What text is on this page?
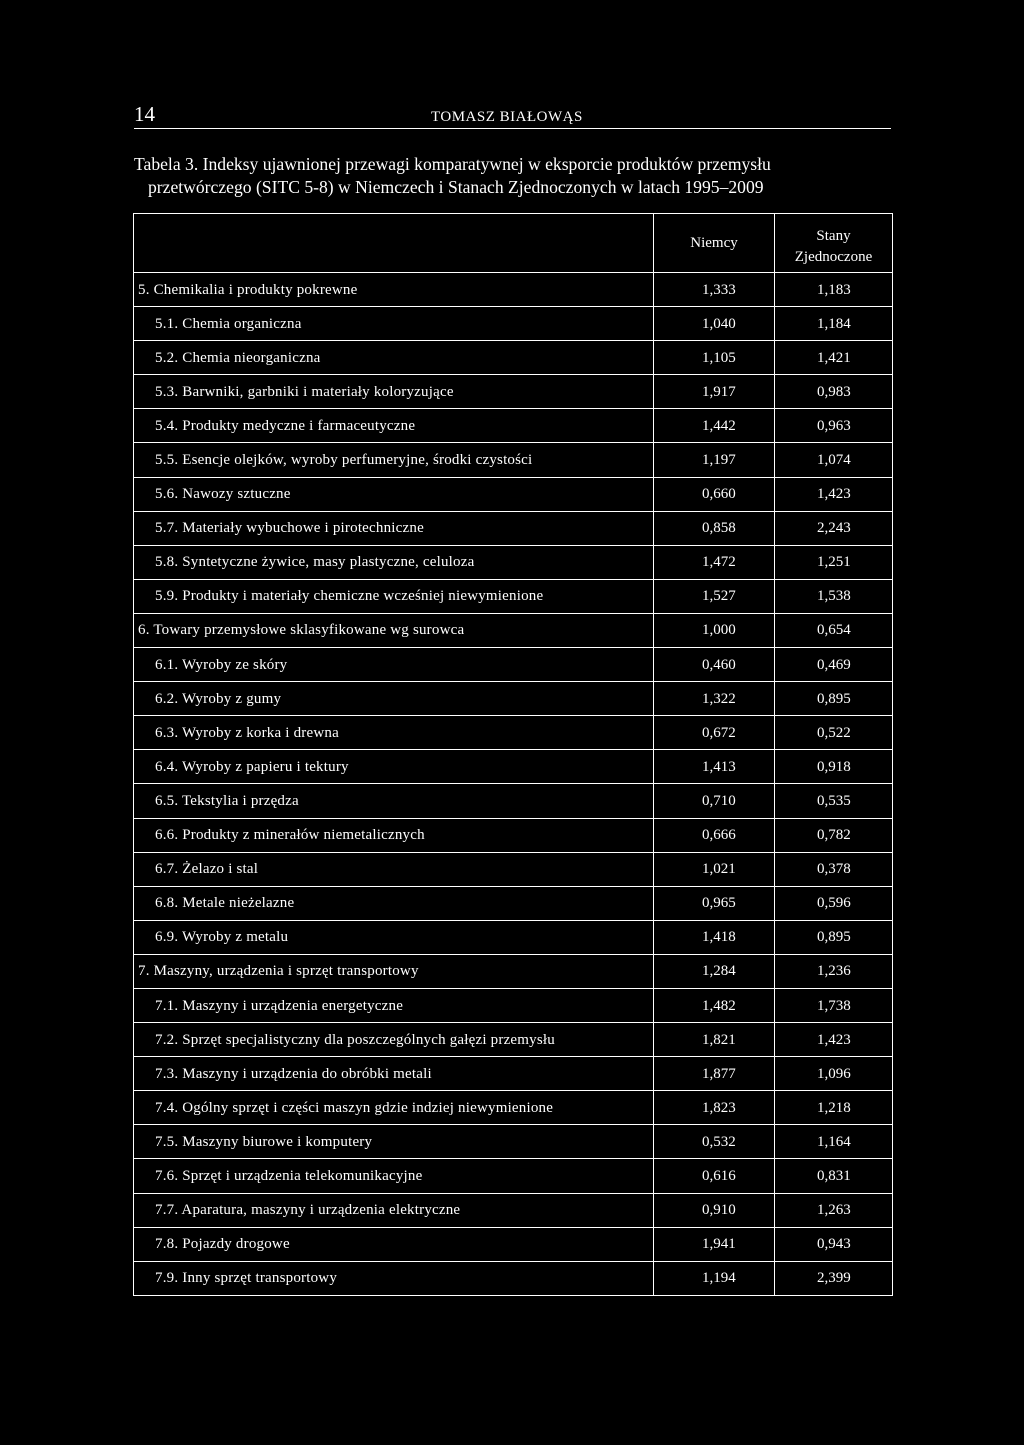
14	TOMASZ BIAŁOWĄS
Tabela 3. Indeksy ujawnionej przewagi komparatywnej w eksporcie produktów przemysłu
przetwórczego (SITC 5-8) w Niemczech i Stanach Zjednoczonych w latach 1995–2009
	Niemcy	Stany Zjednoczone

5. Chemikalia i produkty pokrewne	1,333	1,183
5.1. Chemia organiczna	1,040	1,184
5.2. Chemia nieorganiczna	1,105	1,421
5.3. Barwniki, garbniki i materiały koloryzujące	1,917	0,983
5.4. Produkty medyczne i farmaceutyczne	1,442	0,963
5.5. Esencje olejków, wyroby perfumeryjne, środki czystości	1,197	1,074
5.6. Nawozy sztuczne	0,660	1,423
5.7. Materiały wybuchowe i pirotechniczne	0,858	2,243
5.8. Syntetyczne żywice, masy plastyczne, celuloza	1,472	1,251
5.9. Produkty i materiały chemiczne wcześniej niewymienione	1,527	1,538
6. Towary przemysłowe sklasyfikowane wg surowca	1,000	0,654
6.1. Wyroby ze skóry	0,460	0,469
6.2. Wyroby z gumy	1,322	0,895
6.3. Wyroby z korka i drewna	0,672	0,522
6.4. Wyroby z papieru i tektury	1,413	0,918
6.5. Tekstylia i przędza	0,710	0,535
6.6. Produkty z minerałów niemetalicznych	0,666	0,782
6.7. Żelazo i stal	1,021	0,378
6.8. Metale nieżelazne	0,965	0,596
6.9. Wyroby z metalu	1,418	0,895
7. Maszyny, urządzenia i sprzęt transportowy	1,284	1,236
7.1. Maszyny i urządzenia energetyczne	1,482	1,738
7.2. Sprzęt specjalistyczny dla poszczególnych gałęzi przemysłu	1,821	1,423
7.3. Maszyny i urządzenia do obróbki metali	1,877	1,096
7.4. Ogólny sprzęt i części maszyn gdzie indziej niewymienione	1,823	1,218
7.5. Maszyny biurowe i komputery	0,532	1,164
7.6. Sprzęt i urządzenia telekomunikacyjne	0,616	0,831
7.7. Aparatura, maszyny i urządzenia elektryczne	0,910	1,263
7.8. Pojazdy drogowe	1,941	0,943
7.9. Inny sprzęt transportowy	1,194	2,399
